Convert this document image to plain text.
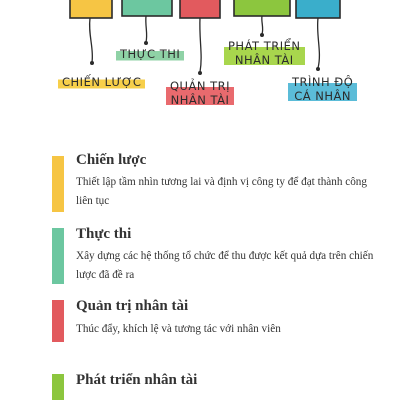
CHIẾN LƯỢC
THỰC THI
QUẢN TRỊ
NHÂN TÀI
PHÁT TRIỂN
NHÂN TÀI
TRÌNH ĐỘ
CÁ NHÂN
Chiến lược
Thiết lập tầm nhìn tương lai và định vị công ty để đạt thành công liên tục
Thực thi
Xây dựng các hệ thống tổ chức để thu được kết quả dựa trên chiến lược đã đề ra
Quản trị nhân tài
Thúc đẩy, khích lệ và tương tác với nhân viên
Phát triển nhân tài
